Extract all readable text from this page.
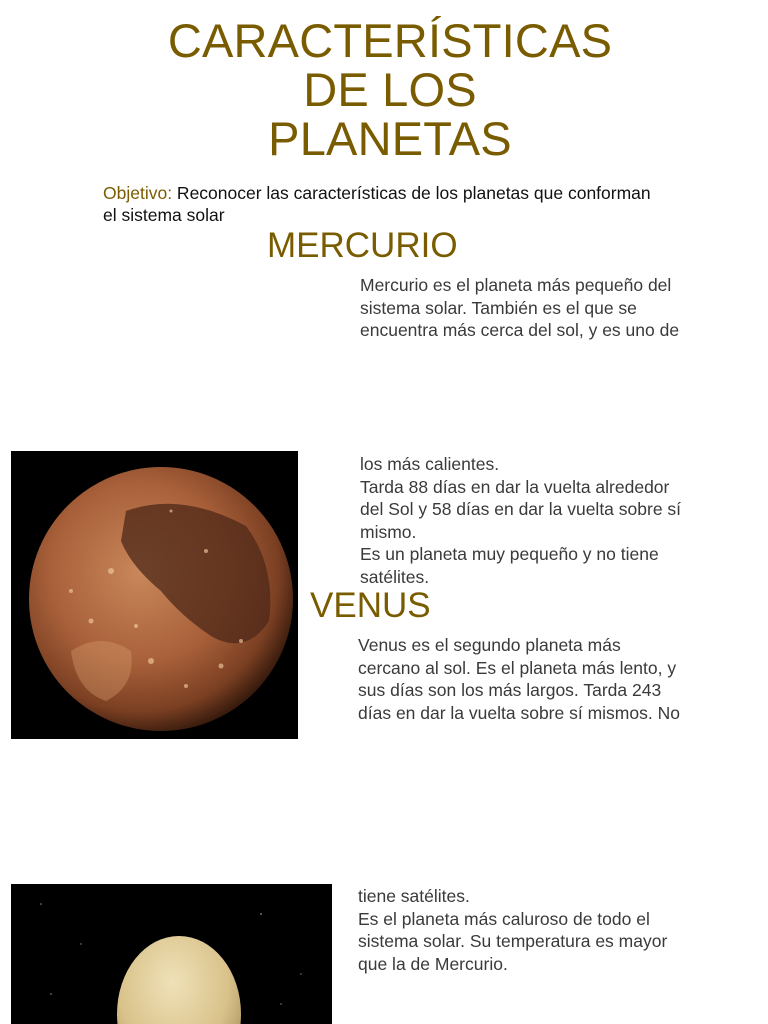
CARACTERÍSTICAS
DE LOS
PLANETAS
Objetivo: Reconocer las características de los planetas que conforman el sistema solar
MERCURIO
Mercurio es el planeta más pequeño del
sistema solar. También es el que se
encuentra más cerca del sol, y es uno de
los más calientes.
Tarda 88 días en dar la vuelta alrededor
del Sol y 58 días en dar la vuelta sobre sí
mismo.
Es un planeta muy pequeño y no tiene
satélites.
VENUS
Venus es el segundo planeta más
cercano al sol. Es el planeta más lento, y
sus días son los más largos. Tarda 243
días en dar la vuelta sobre sí mismos. No
tiene satélites.
Es el planeta más caluroso de todo el
sistema solar. Su temperatura es mayor
que la de Mercurio.
